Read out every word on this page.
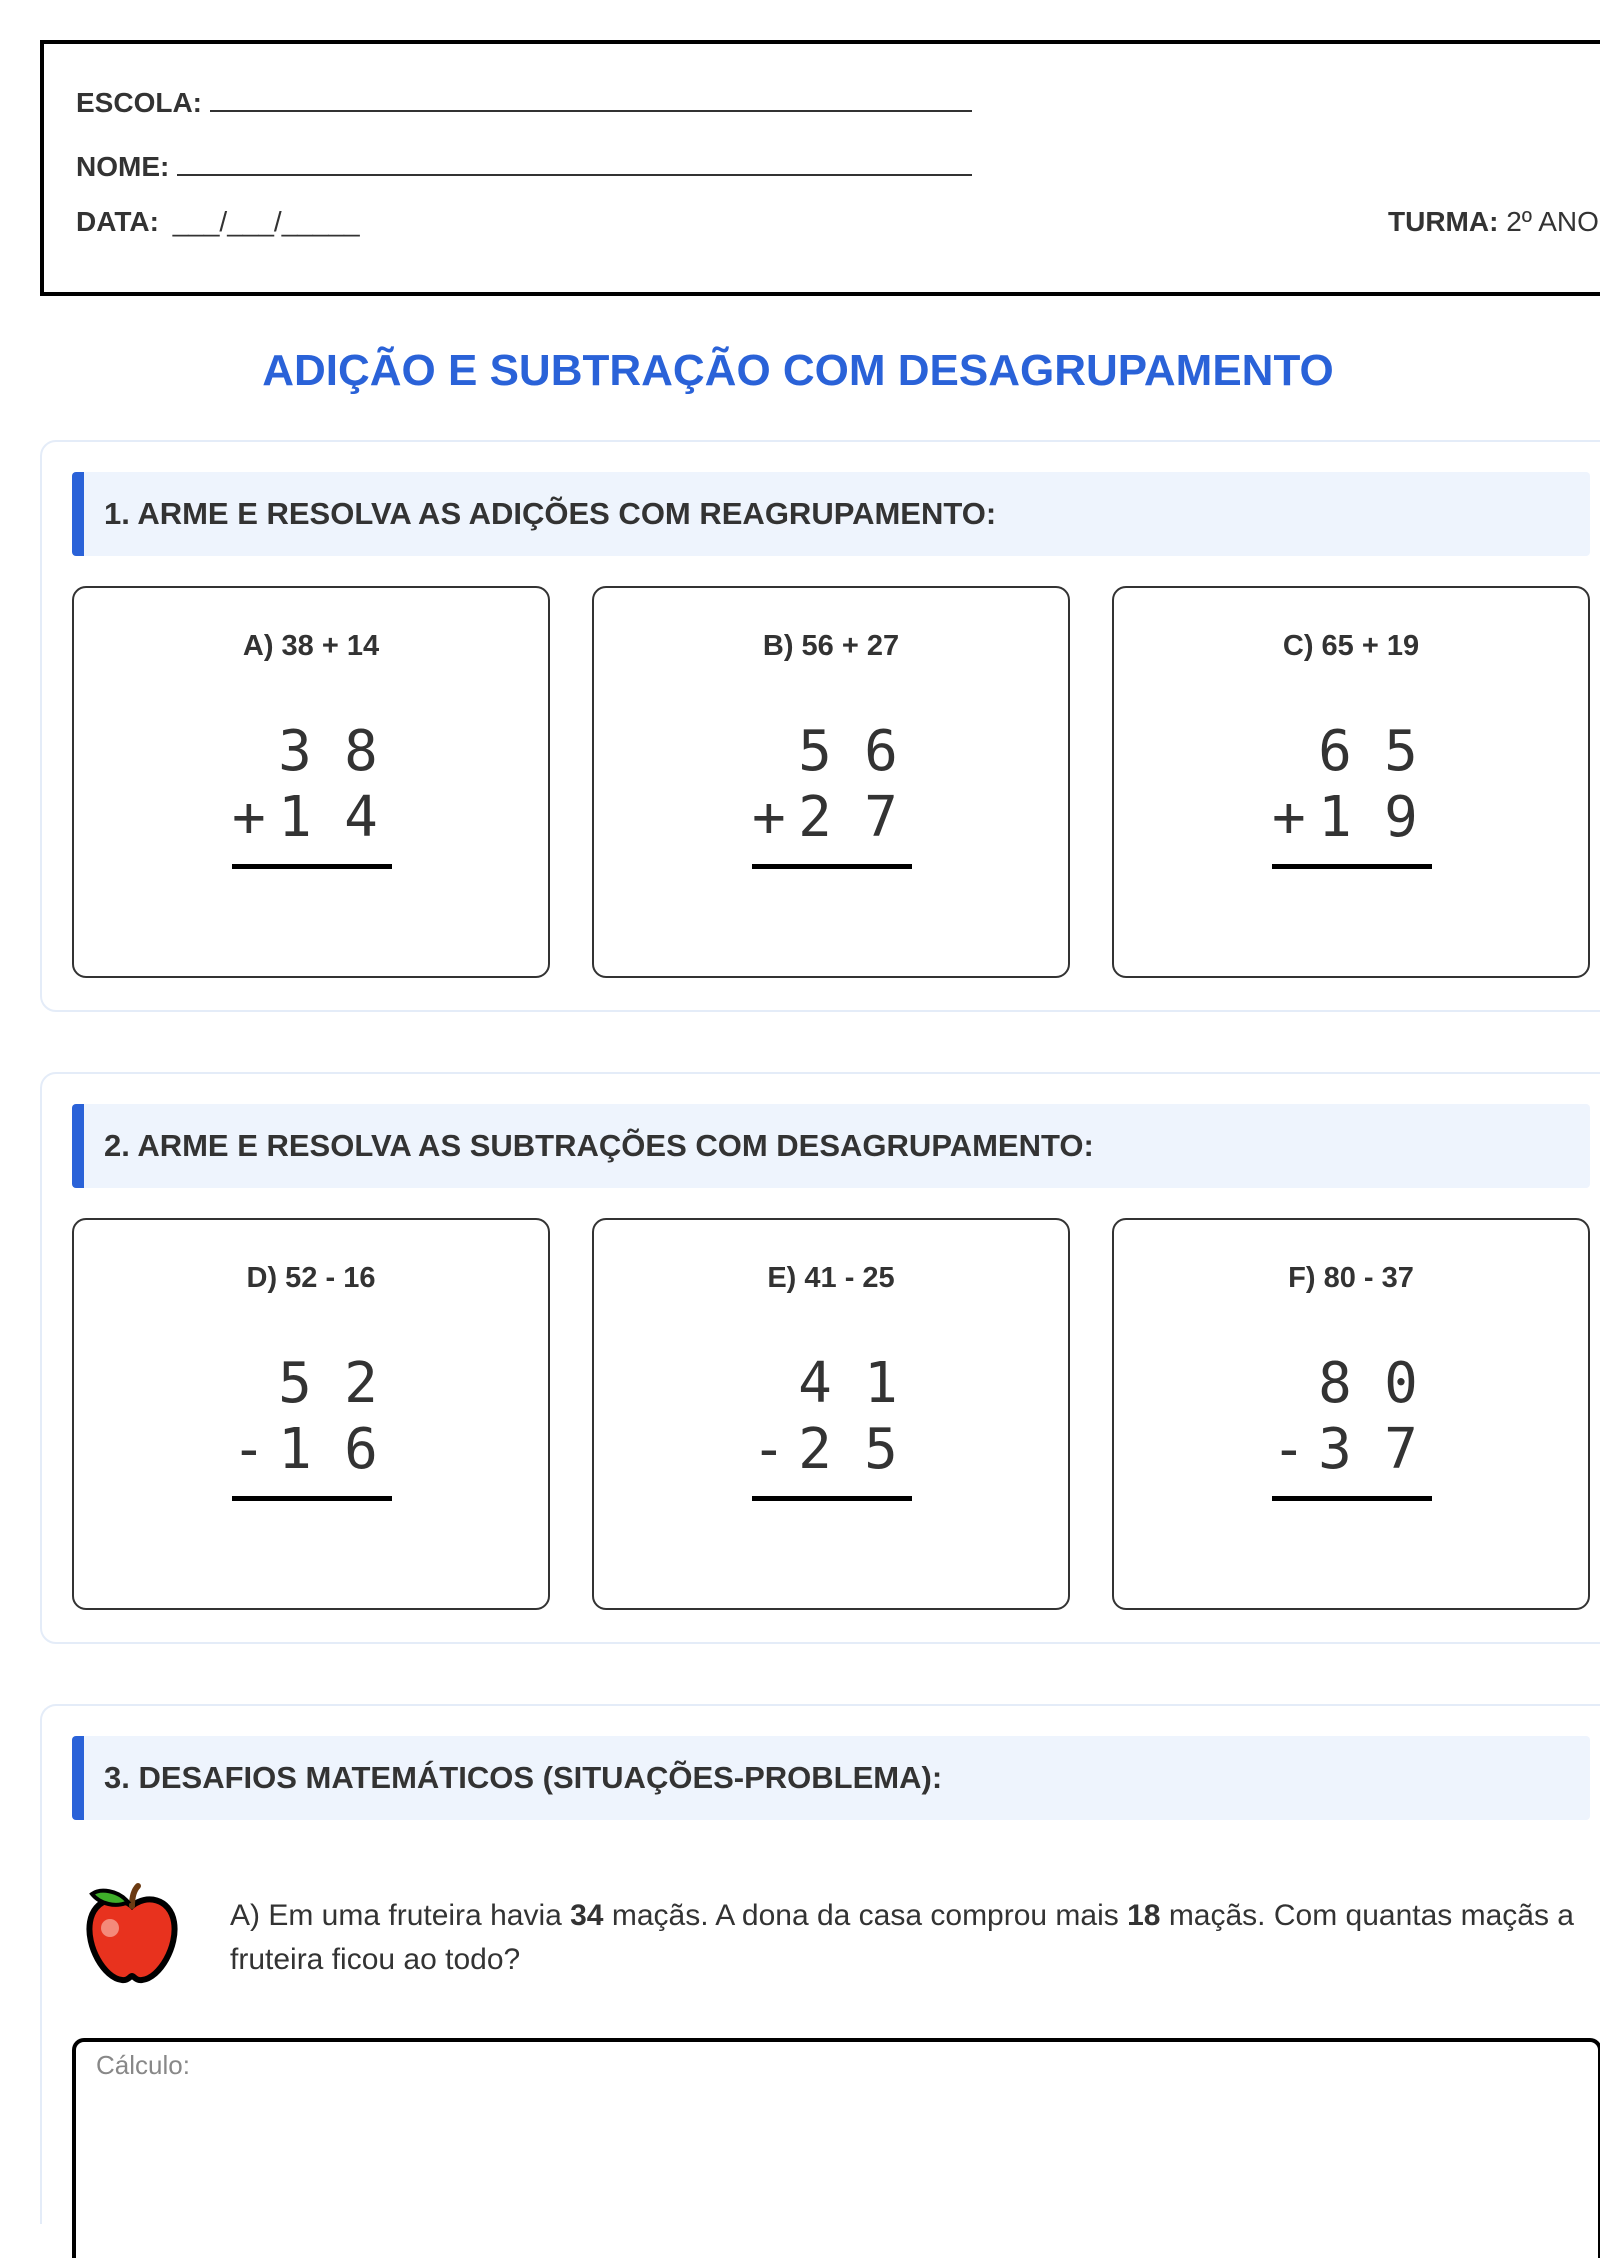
ESCOLA:
NOME:
DATA: ___/___/_____	TURMA: 2º ANO
ADIÇÃO E SUBTRAÇÃO COM DESAGRUPAMENTO
1. ARME E RESOLVA AS ADIÇÕES COM REAGRUPAMENTO:
A) 38 + 14
3 8
+ 1 4
B) 56 + 27
5 6
+ 2 7
C) 65 + 19
6 5
+ 1 9
2. ARME E RESOLVA AS SUBTRAÇÕES COM DESAGRUPAMENTO:
D) 52 - 16
5 2
- 1 6
E) 41 - 25
4 1
- 2 5
F) 80 - 37
8 0
- 3 7
3. DESAFIOS MATEMÁTICOS (SITUAÇÕES-PROBLEMA):
A) Em uma fruteira havia 34 maçãs. A dona da casa comprou mais 18 maçãs. Com quantas maçãs a fruteira ficou ao todo?
Cálculo:
